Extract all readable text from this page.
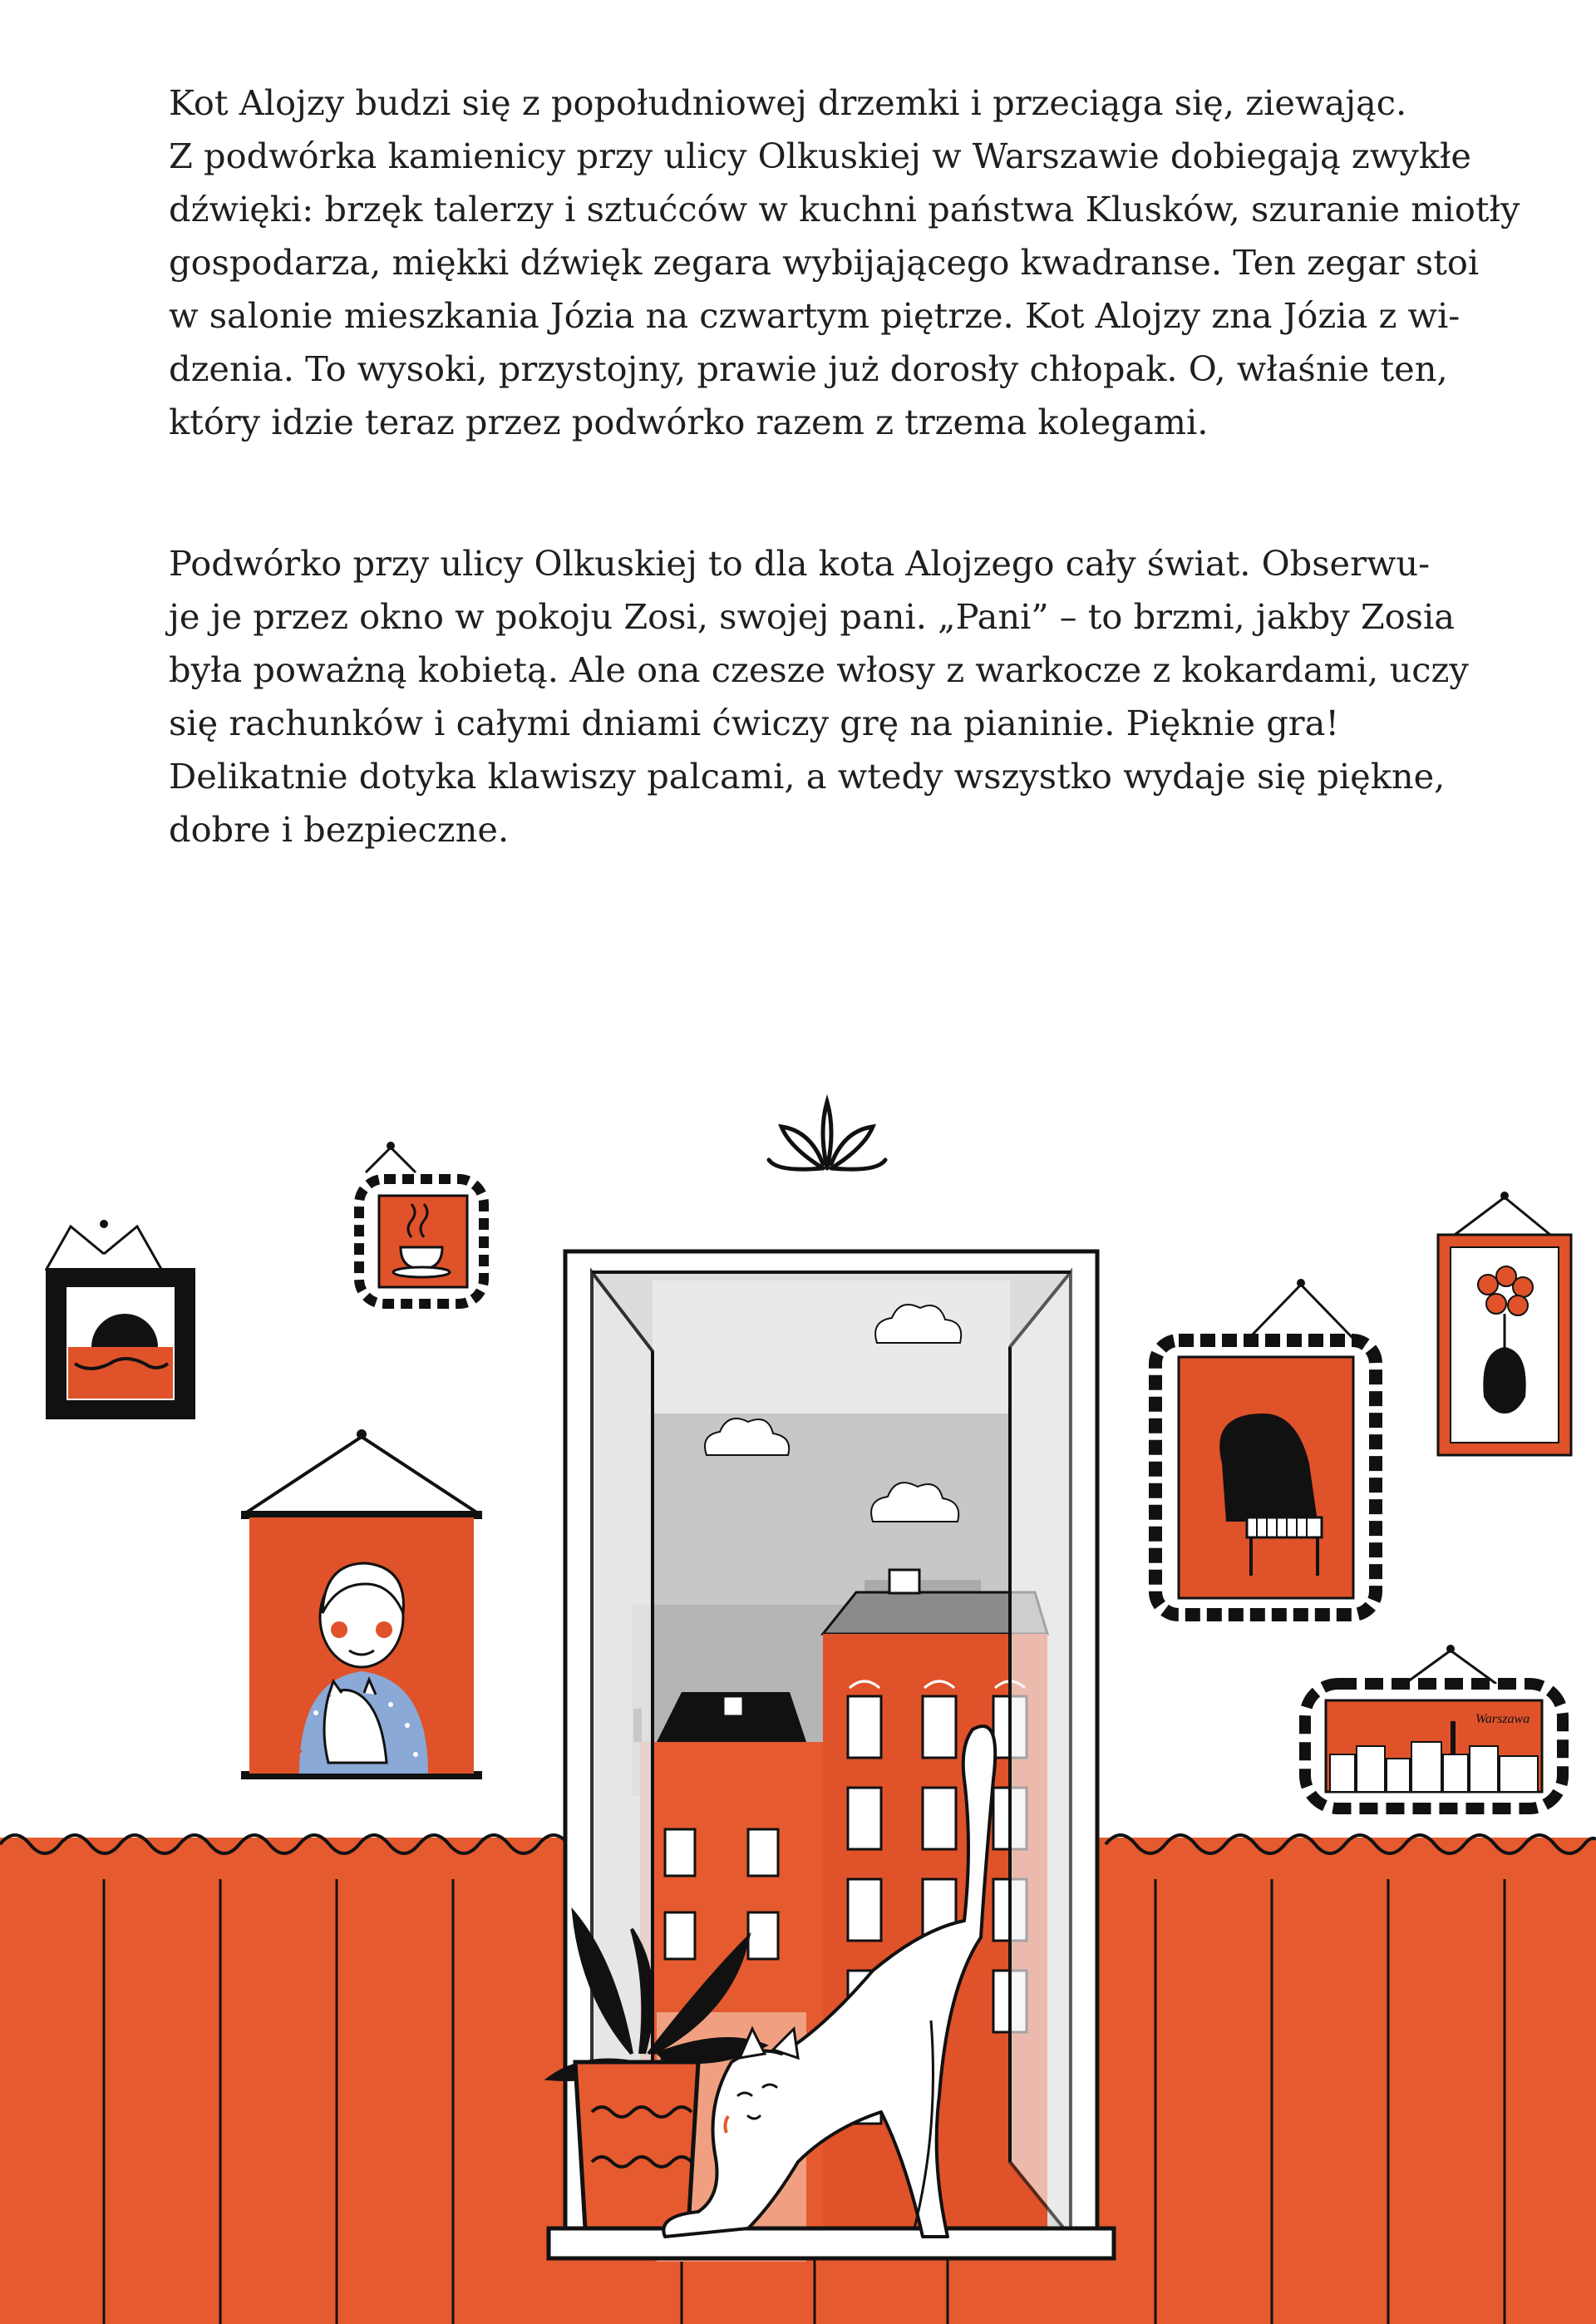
Kot Alojzy budzi się z popołudniowej drzemki i przeciąga się, ziewając.
Z podwórka kamienicy przy ulicy Olkuskiej w Warszawie dobiegają zwykłe
dźwięki: brzęk talerzy i sztućców w kuchni państwa Klusków, szuranie miotły
gospodarza, miękki dźwięk zegara wybijającego kwadranse. Ten zegar stoi
w salonie mieszkania Józia na czwartym piętrze. Kot Alojzy zna Józia z wi-
dzenia. To wysoki, przystojny, prawie już dorosły chłopak. O, właśnie ten,
który idzie teraz przez podwórko razem z trzema kolegami.

Podwórko przy ulicy Olkuskiej to dla kota Alojzego cały świat. Obserwu-
je je przez okno w pokoju Zosi, swojej pani. „Pani” – to brzmi, jakby Zosia
była poważną kobietą. Ale ona czesze włosy z warkocze z kokardami, uczy
się rachunków i całymi dniami ćwiczy grę na pianinie. Pięknie gra!
Delikatnie dotyka klawiszy palcami, a wtedy wszystko wydaje się piękne,
dobre i bezpieczne.

Warszawa
